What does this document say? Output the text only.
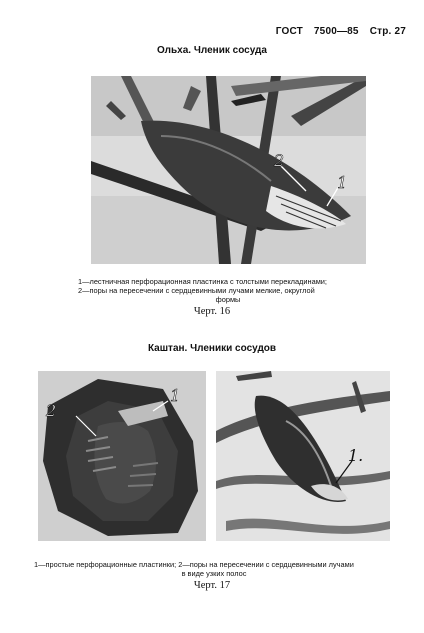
ГОСТ 7500—85 Стр. 27
Ольха. Членик сосуда
2
1
1—лестничная перфорационная пластинка с толстыми перекладинами;
2—поры на пересечении с сердцевинными лучами мелкие, округлой
формы
Черт. 16
Каштан. Членики сосудов
1
2
1.
1—простые перфорационные пластинки; 2—поры на пересечении с сердцевинными лучами
в виде узких полос
Черт. 17
